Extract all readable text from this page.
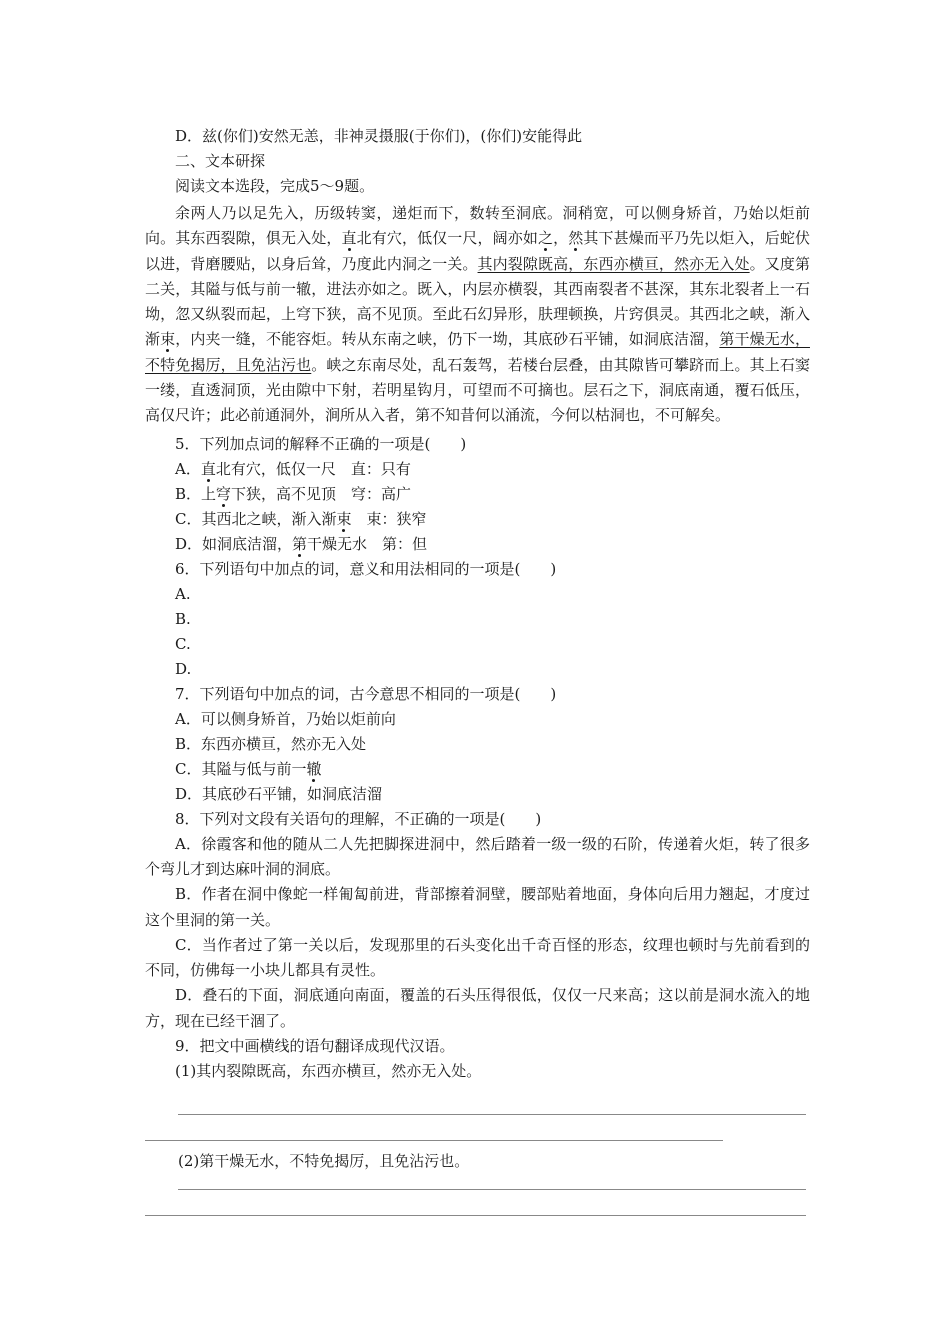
D．兹(你们)安然无恙，非神灵摄服(于你们)，(你们)安能得此
二、文本研探
阅读文本选段，完成5～9题。
余两人乃以足先入，历级转窦，递炬而下，数转至洞底。洞稍宽，可以侧身矫首，乃始以炬前向。其东西裂隙，俱无入处，直北有穴，低仅一尺，阔亦如之，然其下甚燥而平乃先以炬入，后蛇伏以进，背磨腰贴，以身后耸，乃度此内洞之一关。其内裂隙既高，东西亦横亘，然亦无入处。又度第二关，其隘与低与前一辙，进法亦如之。既入，内层亦横裂，其西南裂者不甚深，其东北裂者上一石坳，忽又纵裂而起，上穹下狭，高不见顶。至此石幻异形，肤理顿换，片窍俱灵。其西北之峡，渐入渐束，内夹一缝，不能容炬。转从东南之峡，仍下一坳，其底砂石平铺，如洞底洁溜，第干燥无水，不特免揭厉，且免沾污也。峡之东南尽处，乱石轰驾，若楼台层叠，由其隙皆可攀跻而上。其上石窦一缕，直透洞顶，光由隙中下射，若明星钩月，可望而不可摘也。层石之下，洞底南通，覆石低压，高仅尺许；此必前通洞外，涧所从入者，第不知昔何以涌流，今何以枯洞也，不可解矣。
5．下列加点词的解释不正确的一项是(　　)
A．直北有穴，低仅一尺　直：只有
B．上穹下狭，高不见顶　穹：高广
C．其西北之峡，渐入渐束　束：狭窄
D．如洞底洁溜，第干燥无水　第：但
6．下列语句中加点的词，意义和用法相同的一项是(　　)
A.
B.
C.
D.
7．下列语句中加点的词，古今意思不相同的一项是(　　)
A．可以侧身矫首，乃始以炬前向
B．东西亦横亘，然亦无入处
C．其隘与低与前一辙
D．其底砂石平铺，如洞底洁溜
8．下列对文段有关语句的理解，不正确的一项是(　　)
A．徐霞客和他的随从二人先把脚探进洞中，然后踏着一级一级的石阶，传递着火炬，转了很多个弯儿才到达麻叶洞的洞底。
B．作者在洞中像蛇一样匍匐前进，背部擦着洞壁，腰部贴着地面，身体向后用力翘起，才度过这个里洞的第一关。
C．当作者过了第一关以后，发现那里的石头变化出千奇百怪的形态，纹理也顿时与先前看到的不同，仿佛每一小块儿都具有灵性。
D．叠石的下面，洞底通向南面，覆盖的石头压得很低，仅仅一尺来高；这以前是洞水流入的地方，现在已经干涸了。
9．把文中画横线的语句翻译成现代汉语。
(1)其内裂隙既高，东西亦横亘，然亦无入处。
(2)第干燥无水，不特免揭厉，且免沾污也。
